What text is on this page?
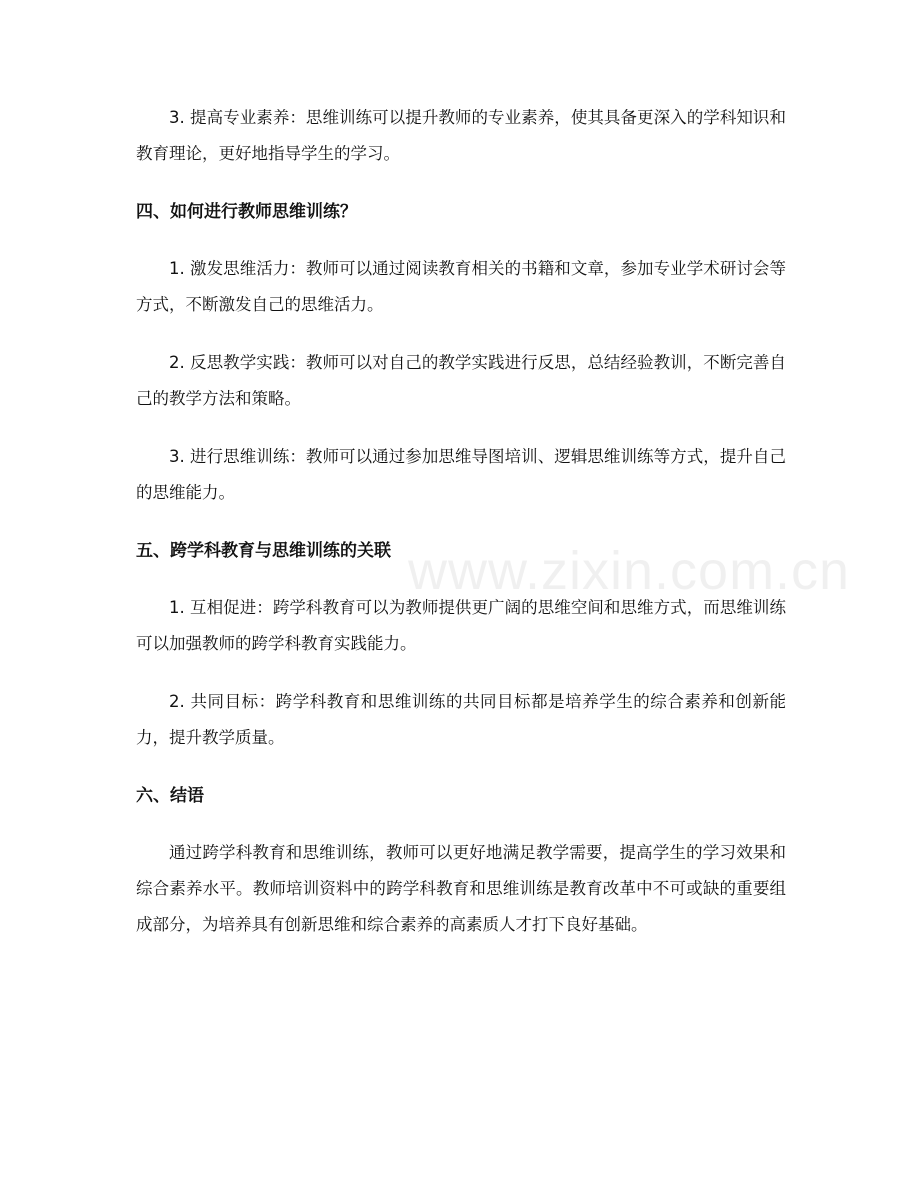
www.zixin.com.cn

3. 提高专业素养：思维训练可以提升教师的专业素养，使其具备更深入的学科知识和教育理论，更好地指导学生的学习。

四、如何进行教师思维训练？

1. 激发思维活力：教师可以通过阅读教育相关的书籍和文章，参加专业学术研讨会等方式，不断激发自己的思维活力。

2. 反思教学实践：教师可以对自己的教学实践进行反思，总结经验教训，不断完善自己的教学方法和策略。

3. 进行思维训练：教师可以通过参加思维导图培训、逻辑思维训练等方式，提升自己的思维能力。

五、跨学科教育与思维训练的关联

1. 互相促进：跨学科教育可以为教师提供更广阔的思维空间和思维方式，而思维训练可以加强教师的跨学科教育实践能力。

2. 共同目标：跨学科教育和思维训练的共同目标都是培养学生的综合素养和创新能力，提升教学质量。

六、结语

通过跨学科教育和思维训练，教师可以更好地满足教学需要，提高学生的学习效果和综合素养水平。教师培训资料中的跨学科教育和思维训练是教育改革中不可或缺的重要组成部分，为培养具有创新思维和综合素养的高素质人才打下良好基础。
